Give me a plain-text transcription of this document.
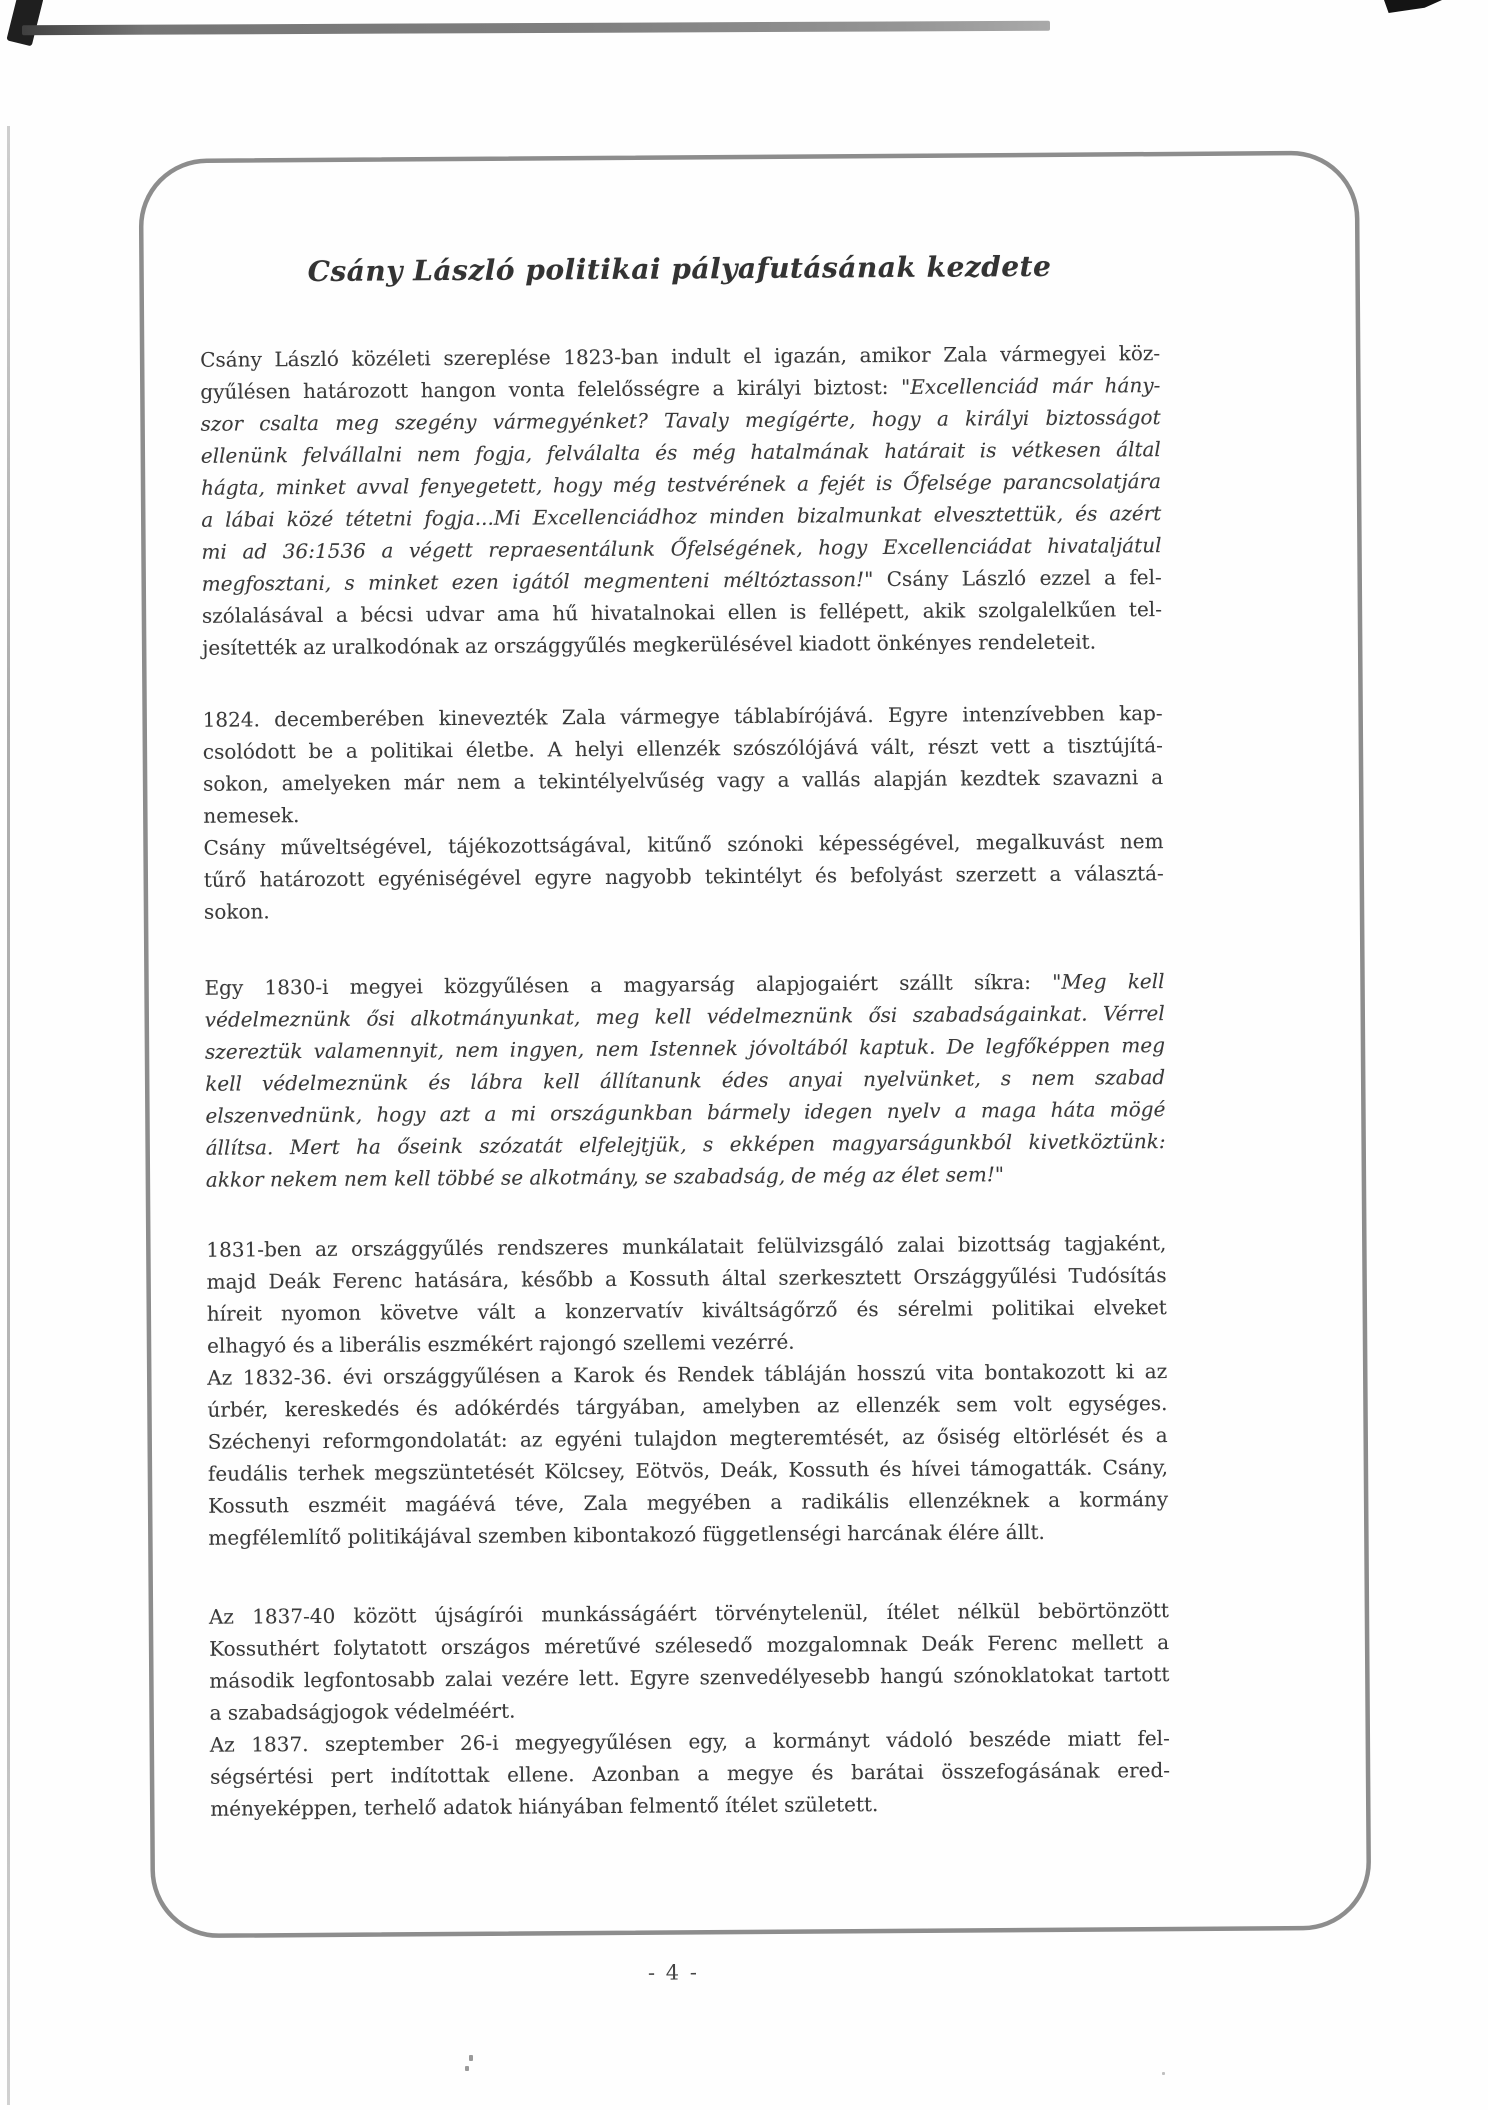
Csány László politikai pályafutásának kezdete
Csány László közéleti szereplése 1823-ban indult el igazán, amikor Zala vármegyei köz-
gyűlésen határozott hangon vonta felelősségre a királyi biztost: "Excellenciád már hány-
szor csalta meg szegény vármegyénket? Tavaly megígérte, hogy a királyi biztosságot
ellenünk felvállalni nem fogja, felválalta és még hatalmának határait is vétkesen által
hágta, minket avval fenyegetett, hogy még testvérének a fejét is Őfelsége parancsolatjára
a lábai közé tétetni fogja...Mi Excellenciádhoz minden bizalmunkat elvesztettük, és azért
mi ad 36:1536 a végett repraesentálunk Őfelségének, hogy Excellenciádat hivataljátul
megfosztani, s minket ezen igától megmenteni méltóztasson!" Csány László ezzel a fel-
szólalásával a bécsi udvar ama hű hivatalnokai ellen is fellépett, akik szolgalelkűen tel-
jesítették az uralkodónak az országgyűlés megkerülésével kiadott önkényes rendeleteit.
1824. decemberében kinevezték Zala vármegye táblabírójává. Egyre intenzívebben kap-
csolódott be a politikai életbe. A helyi ellenzék szószólójává vált, részt vett a tisztújítá-
sokon, amelyeken már nem a tekintélyelvűség vagy a vallás alapján kezdtek szavazni a
nemesek.
Csány műveltségével, tájékozottságával, kitűnő szónoki képességével, megalkuvást nem
tűrő határozott egyéniségével egyre nagyobb tekintélyt és befolyást szerzett a választá-
sokon.
Egy 1830-i megyei közgyűlésen a magyarság alapjogaiért szállt síkra: "Meg kell
védelmeznünk ősi alkotmányunkat, meg kell védelmeznünk ősi szabadságainkat. Vérrel
szereztük valamennyit, nem ingyen, nem Istennek jóvoltából kaptuk. De legfőképpen meg
kell védelmeznünk és lábra kell állítanunk édes anyai nyelvünket, s nem szabad
elszenvednünk, hogy azt a mi országunkban bármely idegen nyelv a maga háta mögé
állítsa. Mert ha őseink szózatát elfelejtjük, s ekképen magyarságunkból kivetköztünk:
akkor nekem nem kell többé se alkotmány, se szabadság, de még az élet sem!"
1831-ben az országgyűlés rendszeres munkálatait felülvizsgáló zalai bizottság tagjaként,
majd Deák Ferenc hatására, később a Kossuth által szerkesztett Országgyűlési Tudósítás
híreit nyomon követve vált a konzervatív kiváltságőrző és sérelmi politikai elveket
elhagyó és a liberális eszmékért rajongó szellemi vezérré.
Az 1832-36. évi országgyűlésen a Karok és Rendek tábláján hosszú vita bontakozott ki az
úrbér, kereskedés és adókérdés tárgyában, amelyben az ellenzék sem volt egységes.
Széchenyi reformgondolatát: az egyéni tulajdon megteremtését, az ősiség eltörlését és a
feudális terhek megszüntetését Kölcsey, Eötvös, Deák, Kossuth és hívei támogatták. Csány,
Kossuth eszméit magáévá téve, Zala megyében a radikális ellenzéknek a kormány
megfélemlítő politikájával szemben kibontakozó függetlenségi harcának élére állt.
Az 1837-40 között újságírói munkásságáért törvénytelenül, ítélet nélkül bebörtönzött
Kossuthért folytatott országos méretűvé szélesedő mozgalomnak Deák Ferenc mellett a
második legfontosabb zalai vezére lett. Egyre szenvedélyesebb hangú szónoklatokat tartott
a szabadságjogok védelméért.
Az 1837. szeptember 26-i megyegyűlésen egy, a kormányt vádoló beszéde miatt fel-
ségsértési pert indítottak ellene. Azonban a megye és barátai összefogásának ered-
ményeképpen, terhelő adatok hiányában felmentő ítélet született.
- 4 -
